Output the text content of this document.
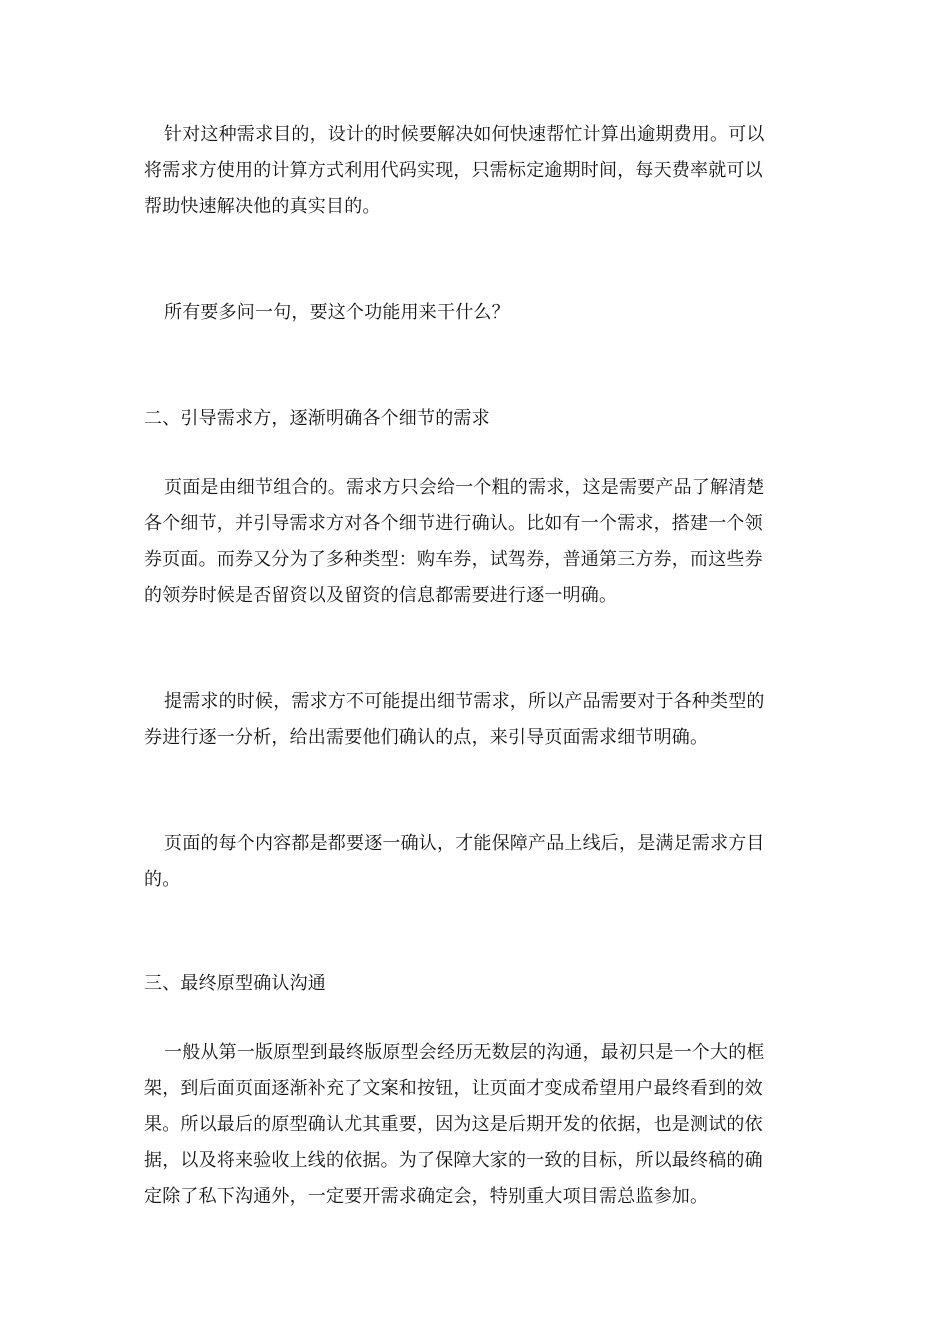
针对这种需求目的，设计的时候要解决如何快速帮忙计算出逾期费用。可以
将需求方使用的计算方式利用代码实现，只需标定逾期时间，每天费率就可以
帮助快速解决他的真实目的。
所有要多问一句，要这个功能用来干什么？
二、引导需求方，逐渐明确各个细节的需求
页面是由细节组合的。需求方只会给一个粗的需求，这是需要产品了解清楚
各个细节，并引导需求方对各个细节进行确认。比如有一个需求，搭建一个领
券页面。而券又分为了多种类型：购车券，试驾券，普通第三方券，而这些券
的领券时候是否留资以及留资的信息都需要进行逐一明确。
提需求的时候，需求方不可能提出细节需求，所以产品需要对于各种类型的
券进行逐一分析，给出需要他们确认的点，来引导页面需求细节明确。
页面的每个内容都是都要逐一确认，才能保障产品上线后，是满足需求方目
的。
三、最终原型确认沟通
一般从第一版原型到最终版原型会经历无数层的沟通，最初只是一个大的框
架，到后面页面逐渐补充了文案和按钮，让页面才变成希望用户最终看到的效
果。所以最后的原型确认尤其重要，因为这是后期开发的依据，也是测试的依
据，以及将来验收上线的依据。为了保障大家的一致的目标，所以最终稿的确
定除了私下沟通外，一定要开需求确定会，特别重大项目需总监参加。
